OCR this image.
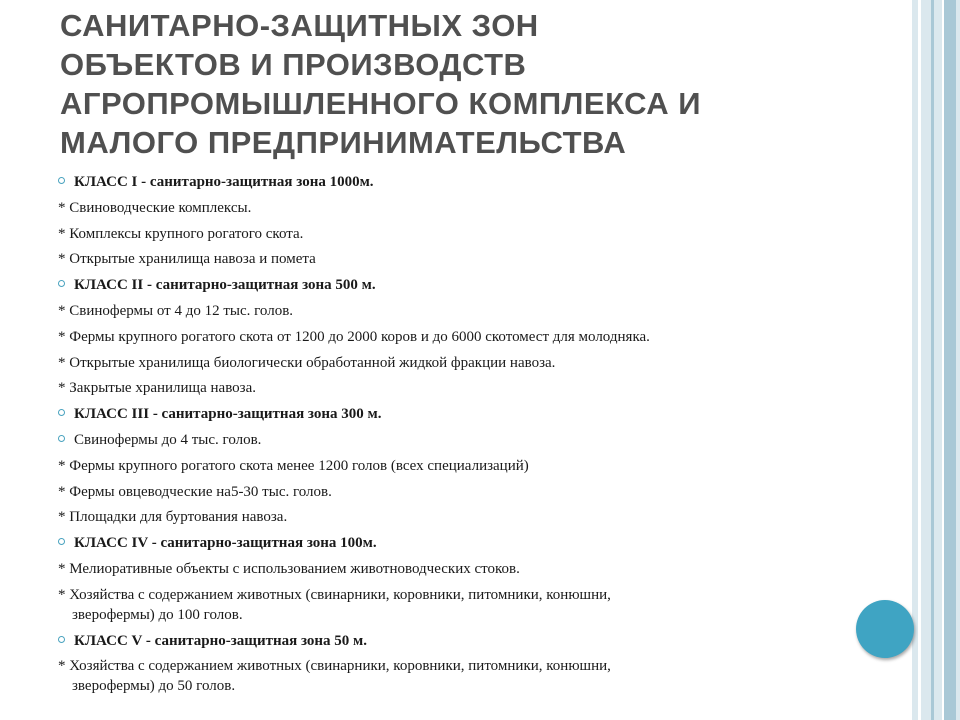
САНИТАРНО-ЗАЩИТНЫХ ЗОН
ОБЪЕКТОВ И ПРОИЗВОДСТВ
АГРОПРОМЫШЛЕННОГО КОМПЛЕКСА И
МАЛОГО ПРЕДПРИНИМАТЕЛЬСТВА
КЛАСС I - санитарно-защитная зона 1000м.
* Свиноводческие комплексы.
* Комплексы крупного рогатого скота.
* Открытые хранилища навоза и помета
КЛАСС II - санитарно-защитная зона 500 м.
* Свинофермы от 4 до 12 тыс. голов.
* Фермы крупного рогатого скота от 1200 до 2000 коров и до 6000 скотомест для молодняка.
* Открытые хранилища биологически обработанной жидкой фракции навоза.
* Закрытые хранилища навоза.
КЛАСС III - санитарно-защитная зона 300 м.
Свинофермы до 4 тыс. голов.
* Фермы крупного рогатого скота менее 1200 голов (всех специализаций)
* Фермы овцеводческие на5-30 тыс. голов.
* Площадки для буртования навоза.
КЛАСС IV - санитарно-защитная зона 100м.
* Мелиоративные объекты с использованием животноводческих стоков.
* Хозяйства с содержанием животных (свинарники, коровники, питомники, конюшни,
зверофермы) до 100 голов.
КЛАСС V - санитарно-защитная зона 50 м.
* Хозяйства с содержанием животных (свинарники, коровники, питомники, конюшни,
зверофермы) до 50 голов.
